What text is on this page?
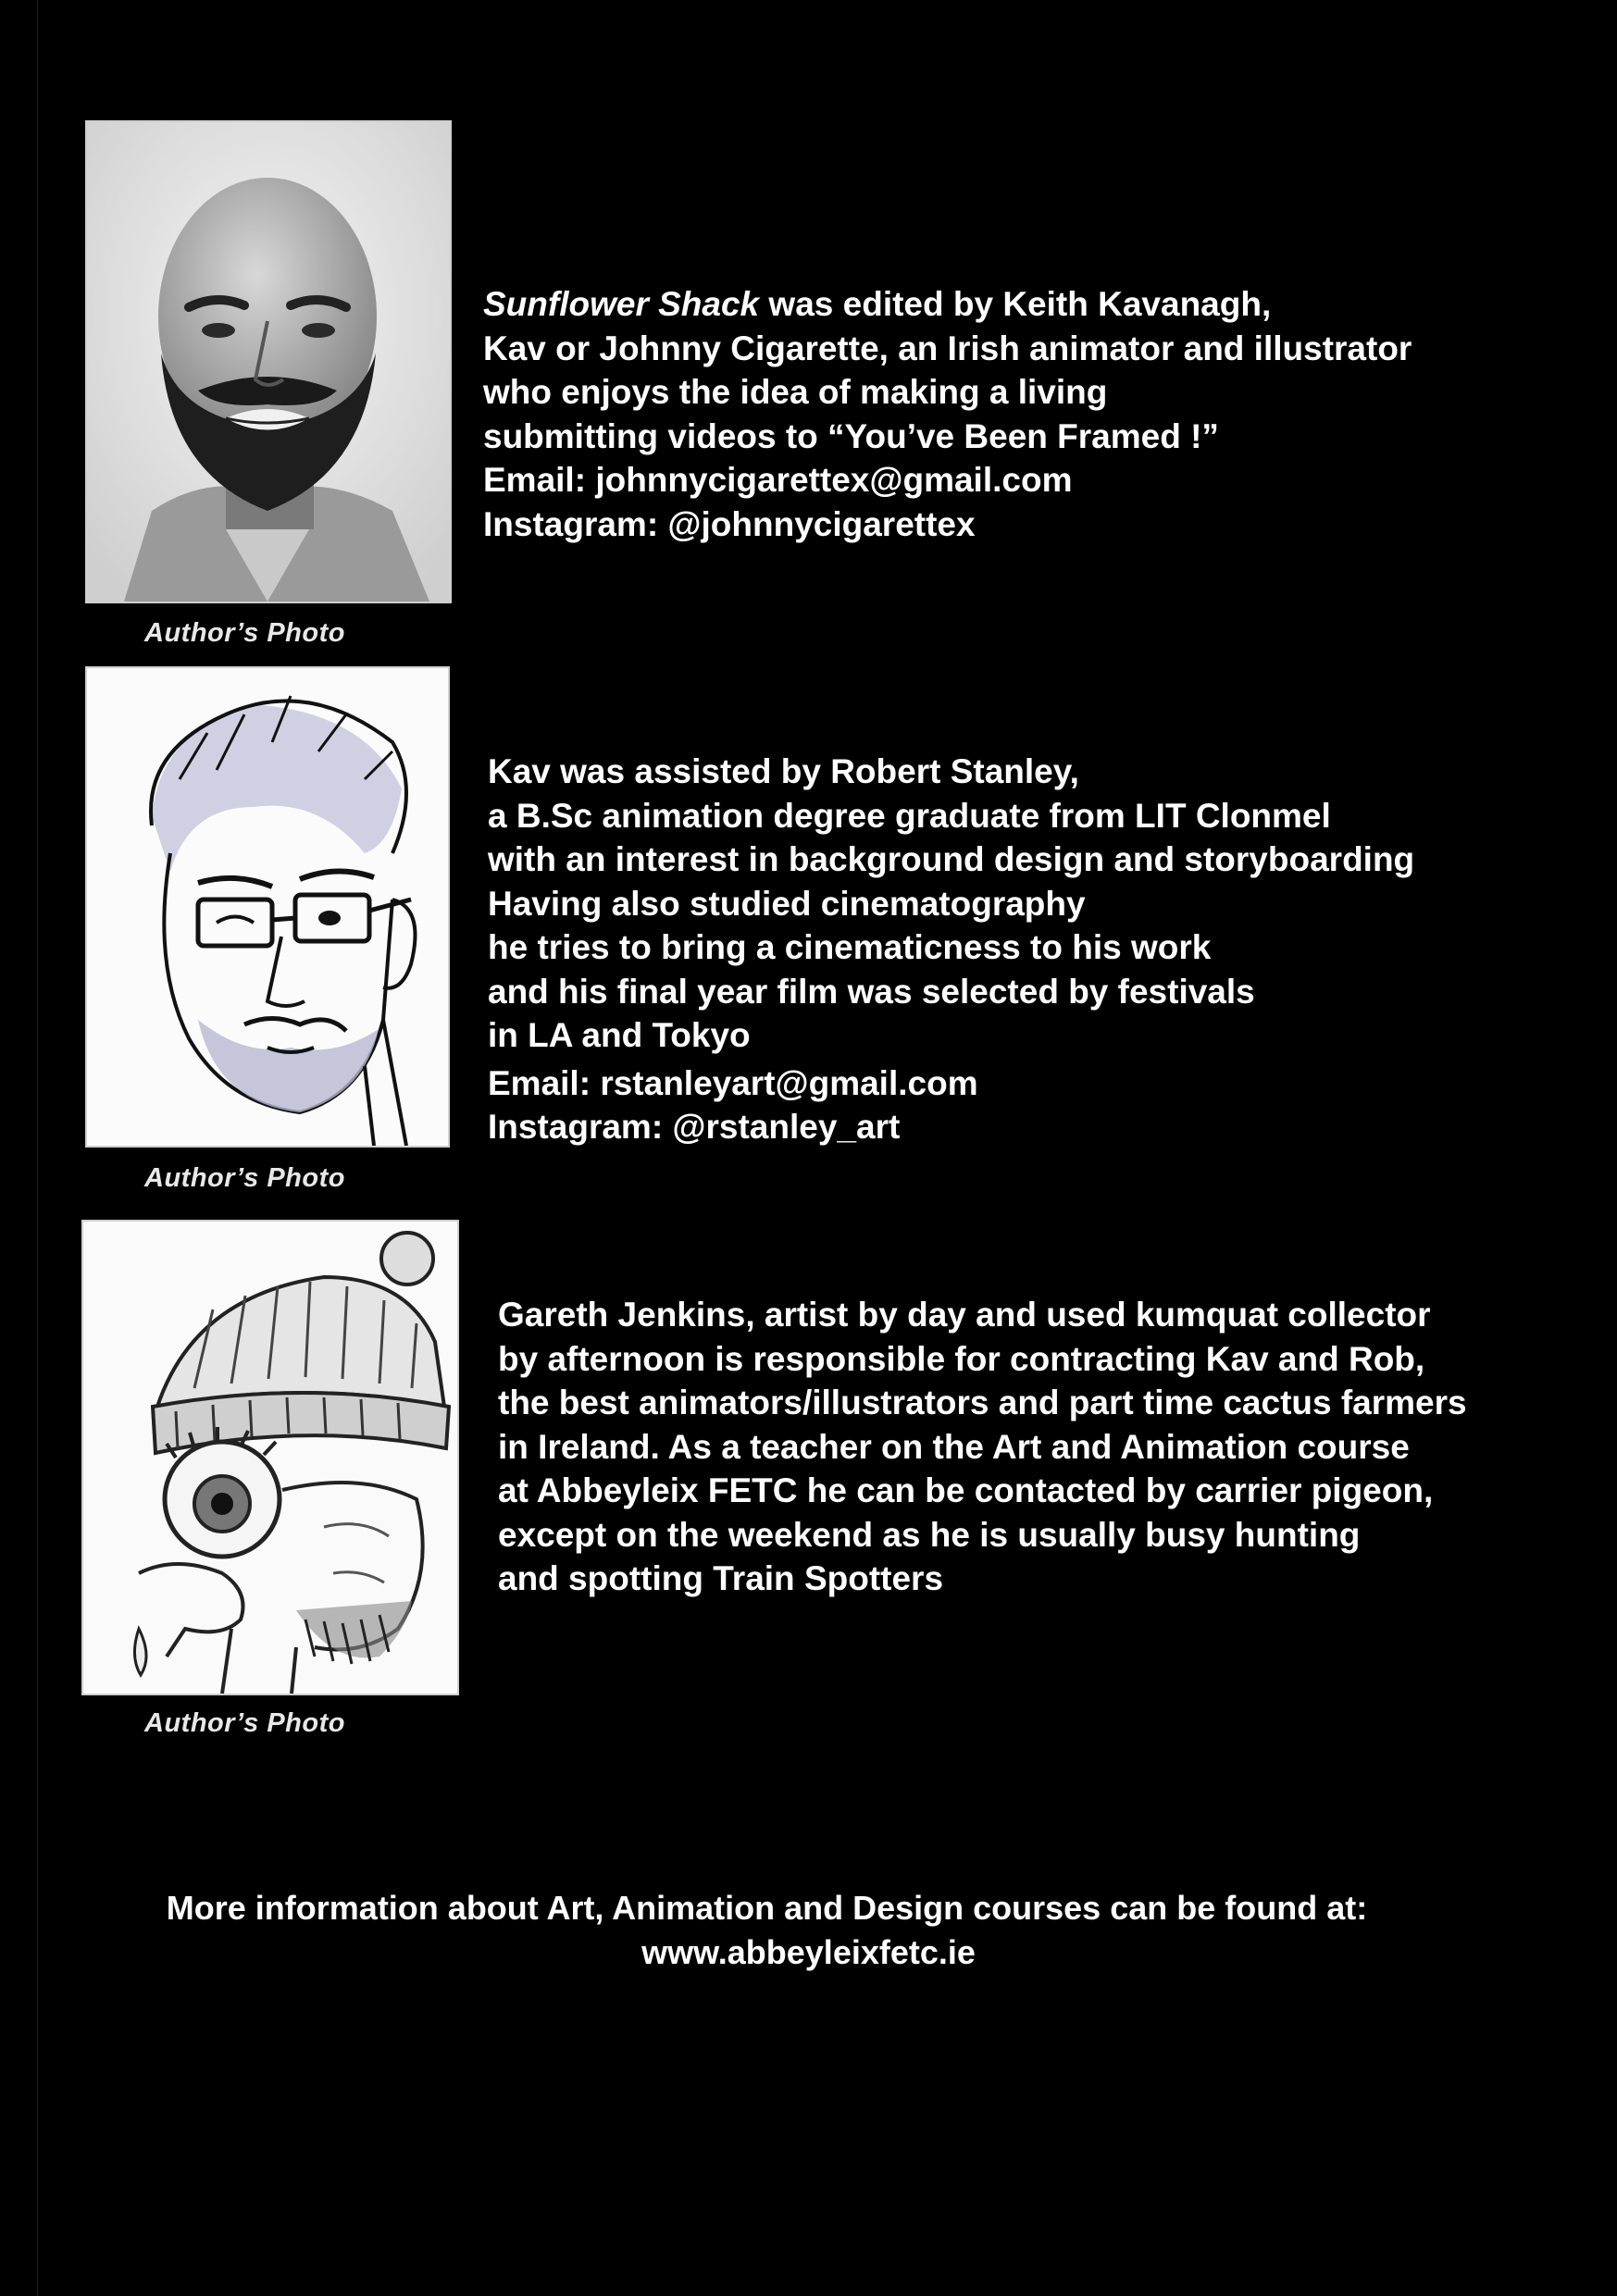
Author’s Photo
Sunflower Shack was edited by Keith Kavanagh,
Kav or Johnny Cigarette, an Irish animator and illustrator
who enjoys the idea of making a living
submitting videos to “You’ve Been Framed !”
Email: johnnycigarettex@gmail.com
Instagram: @johnnycigarettex
Author’s Photo
Kav was assisted by Robert Stanley,
a B.Sc animation degree graduate from LIT Clonmel
with an interest in background design and storyboarding
Having also studied cinematography
he tries to bring a cinematicness to his work
and his final year film was selected by festivals
in LA and Tokyo
Email: rstanleyart@gmail.com
Instagram: @rstanley_art
Author’s Photo
Gareth Jenkins, artist by day and used kumquat collector
by afternoon is responsible for contracting Kav and Rob,
the best animators/illustrators and part time cactus farmers
in Ireland. As a teacher on the Art and Animation course
at Abbeyleix FETC he can be contacted by carrier pigeon,
except on the weekend as he is usually busy hunting
and spotting Train Spotters
More information about Art, Animation and Design courses can be found at:
www.abbeyleixfetc.ie
